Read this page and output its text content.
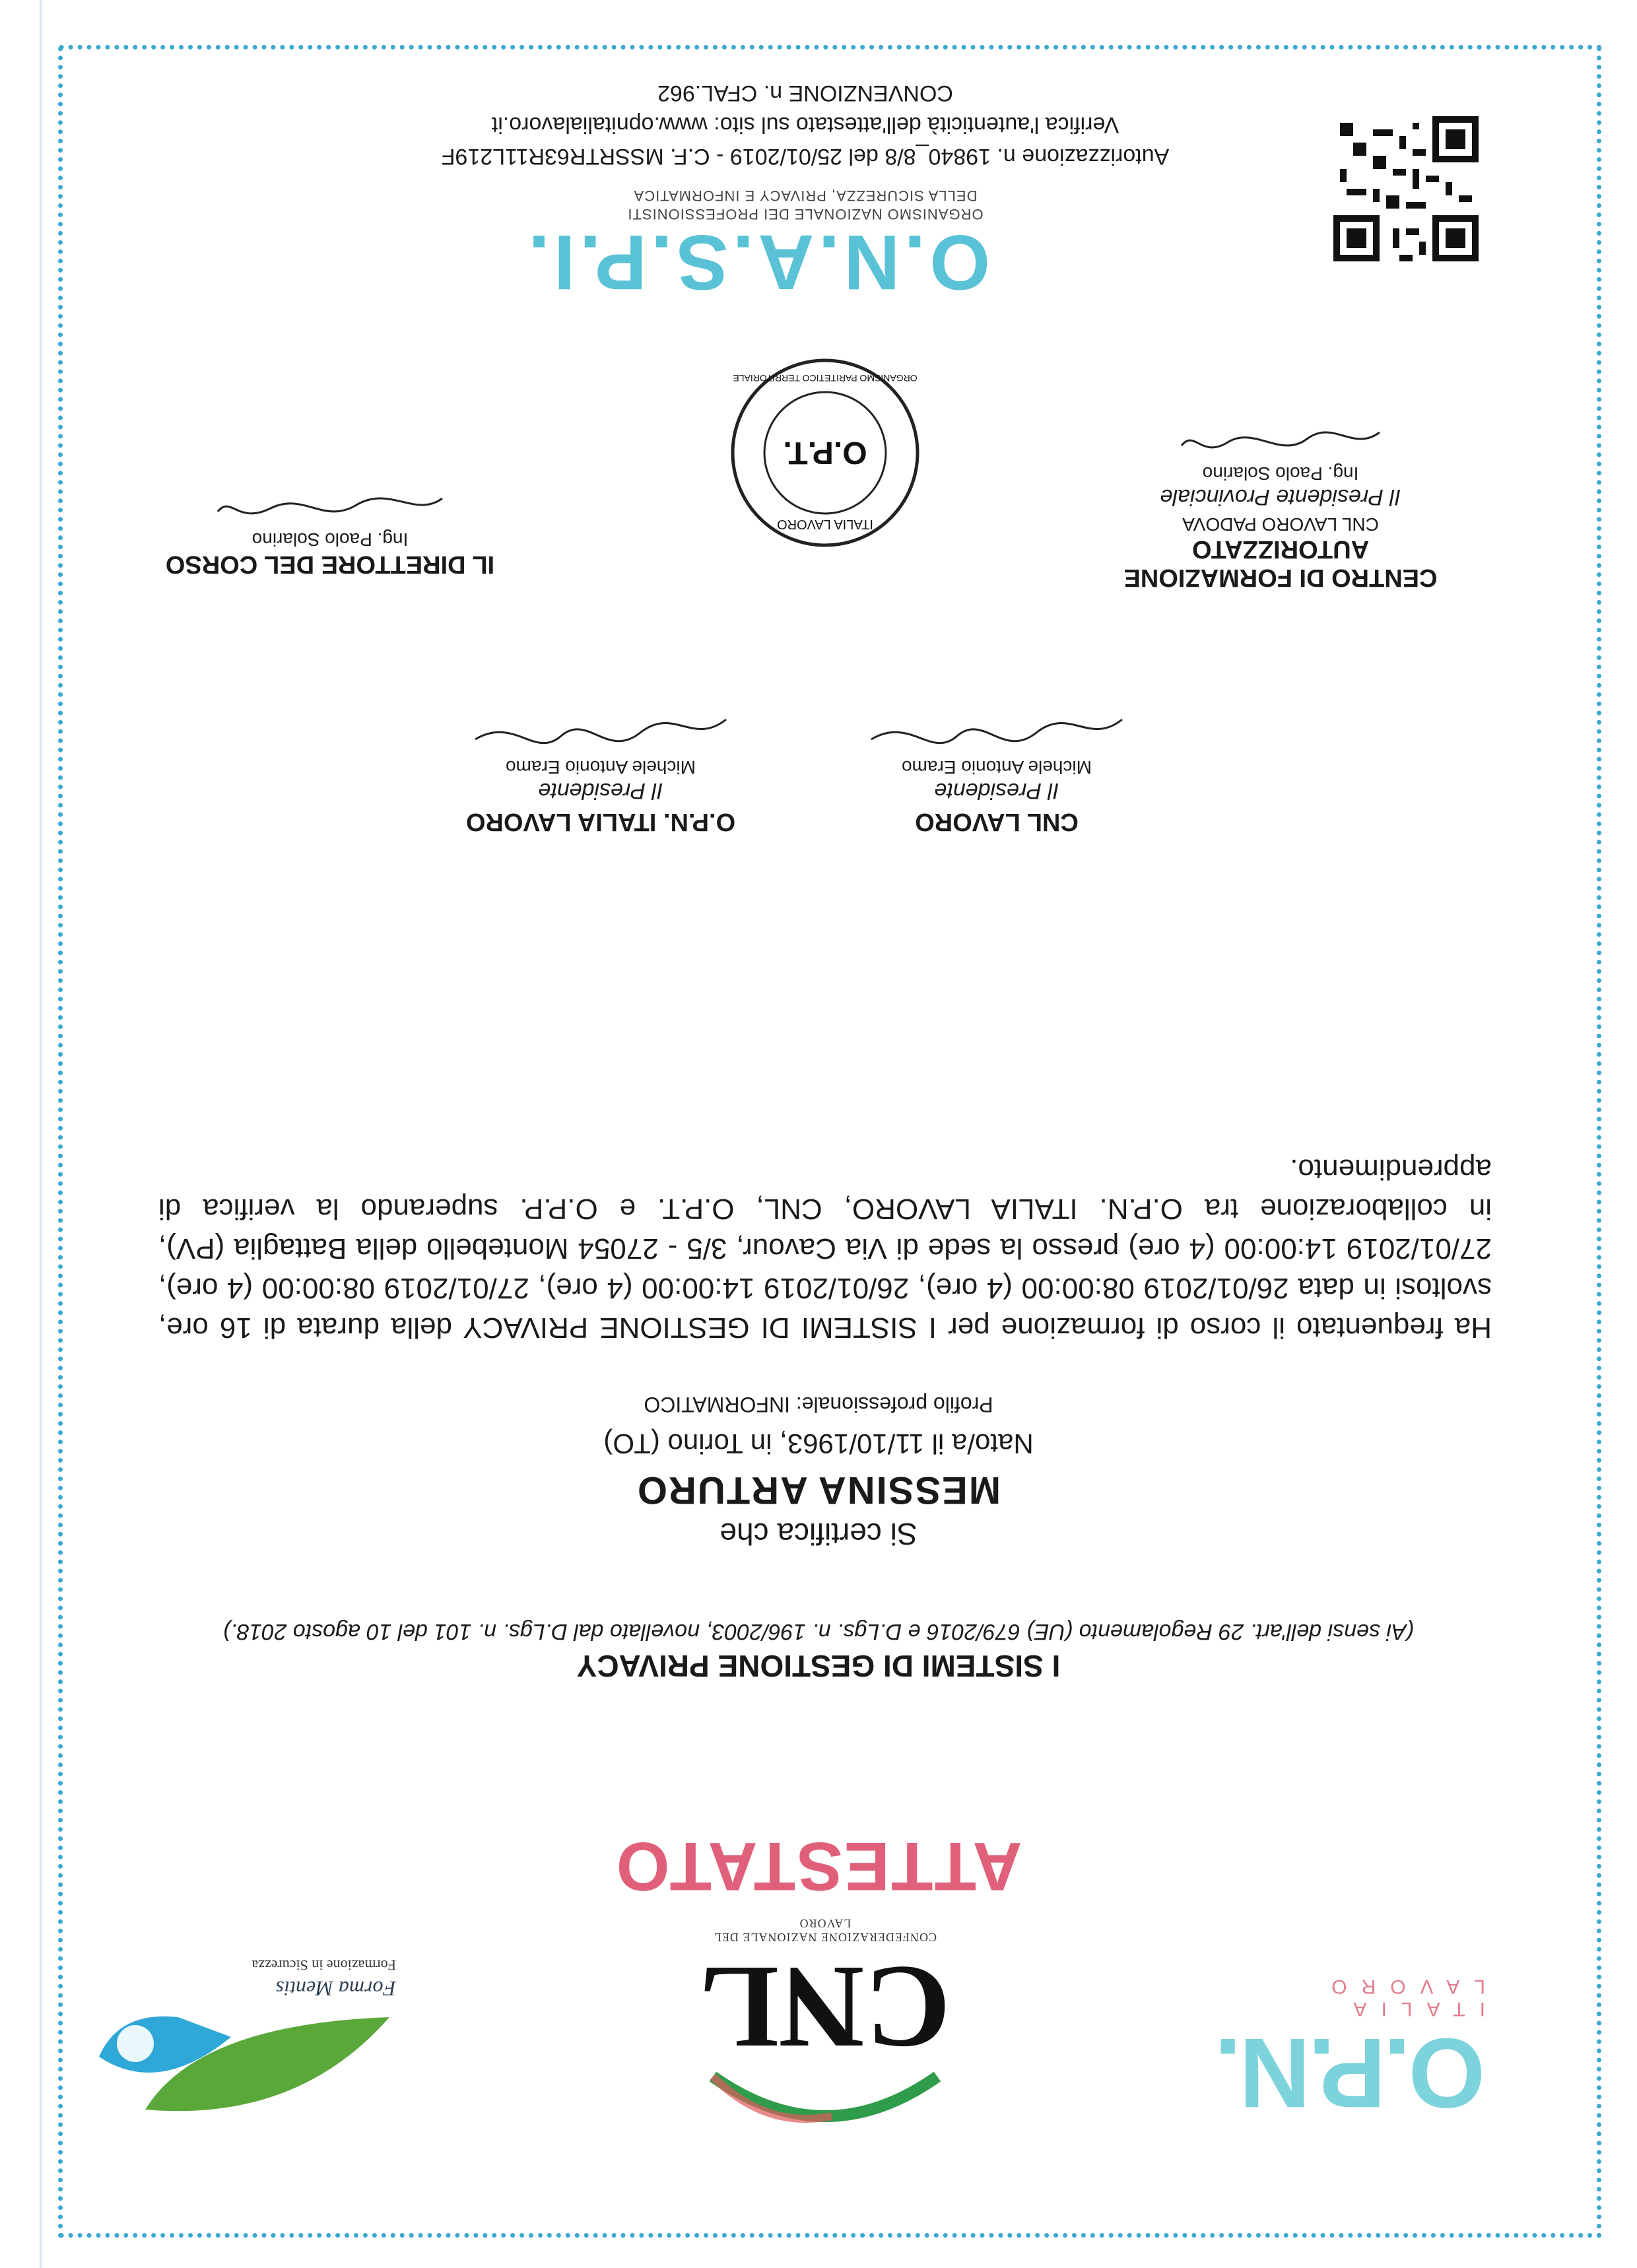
O.P.N.
ITALIA LAVORO
CNL
CONFEDERAZIONE NAZIONALE DEL LAVORO
Forma Mentis
Formazione in Sicurezza
ATTESTATO
I SISTEMI DI GESTIONE PRIVACY
(Ai sensi dell'art. 29 Regolamento (UE) 679/2016 e D.Lgs. n. 196/2003, novellato dal D.Lgs. n. 101 del 10 agosto 2018.)
Si certifica che
MESSINA ARTURO
Nato/a il 11/10/1963, in Torino (TO)
Profilo professionale: INFORMATICO
Ha frequentato il corso di formazione per I SISTEMI DI GESTIONE PRIVACY della durata di 16 ore, svoltosi in data 26/01/2019 08:00:00 (4 ore), 26/01/2019 14:00:00 (4 ore), 27/01/2019 08:00:00 (4 ore), 27/01/2019 14:00:00 (4 ore) presso la sede di Via Cavour, 3/5 - 27054 Montebello della Battaglia (PV), in collaborazione tra O.P.N. ITALIA LAVORO, CNL, O.P.T. e O.P.P. superando la verifica di apprendimento.
CNL LAVORO
Il Presidente
Michele Antonio Eramo
O.P.N. ITALIA LAVORO
Il Presidente
Michele Antonio Eramo
CENTRO DI FORMAZIONE
AUTORIZZATO
CNL LAVORO PADOVA
Il Presidente Provinciale
Ing. Paolo Solarino
O.P.T.
ITALIA LAVORO
ORGANISMO PARITETICO TERRITORIALE
IL DIRETTORE DEL CORSO
Ing. Paolo Solarino
O.N.A.S.P.I.
ORGANISMO NAZIONALE DEI PROFESSIONISTI
DELLA SICUREZZA, PRIVACY E INFORMATICA
Autorizzazione n. 19840_8/8 del 25/01/2019 - C.F. MSSRTR63R11L219F
Verifica l'autenticità dell'attestato sul sito: www.opnitalialavoro.it
CONVENZIONE n. CFAL.962
